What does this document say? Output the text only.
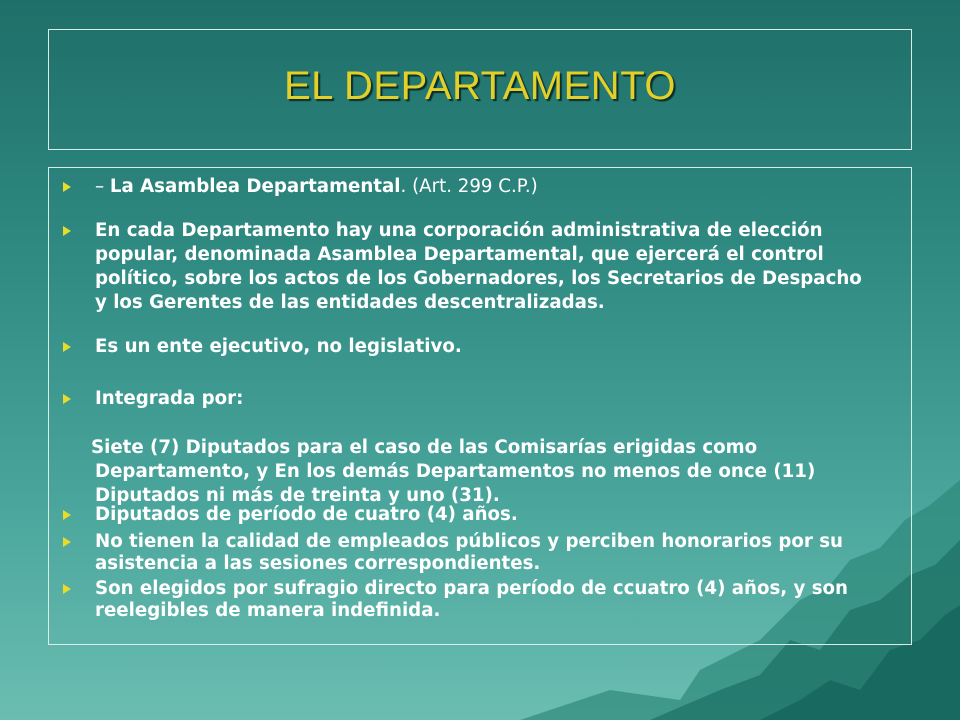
EL DEPARTAMENTO
– La Asamblea Departamental. (Art. 299 C.P.)
En cada Departamento hay una corporación administrativa de elección
popular, denominada Asamblea Departamental, que ejercerá el control
político, sobre los actos de los Gobernadores, los Secretarios de Despacho
y los Gerentes de las entidades descentralizadas.
Es un ente ejecutivo, no legislativo.
Integrada por:
Siete (7) Diputados para el caso de las Comisarías erigidas como
Departamento, y En los demás Departamentos no menos de once (11)
Diputados ni más de treinta y uno (31).
Diputados de período de cuatro (4) años.
No tienen la calidad de empleados públicos y perciben honorarios por su
asistencia a las sesiones correspondientes.
Son elegidos por sufragio directo para período de ccuatro (4) años, y son
reelegibles de manera indefinida.
